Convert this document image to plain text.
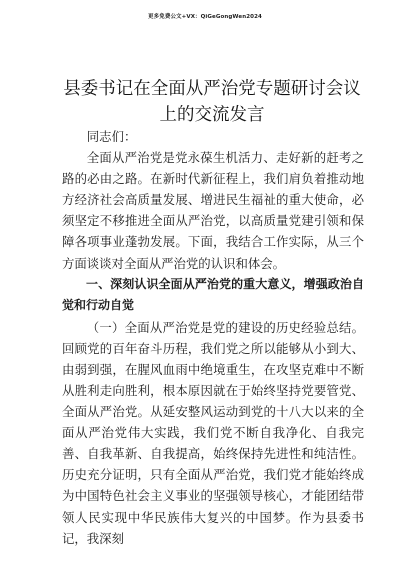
更多免费公文+VX：QiGeGongWen2024
县委书记在全面从严治党专题研讨会议上的交流发言

同志们：

全面从严治党是党永葆生机活力、走好新的赶考之路的必由之路。在新时代新征程上，我们肩负着推动地方经济社会高质量发展、增进民生福祉的重大使命，必须坚定不移推进全面从严治党，以高质量党建引领和保障各项事业蓬勃发展。下面，我结合工作实际，从三个方面谈谈对全面从严治党的认识和体会。

一、深刻认识全面从严治党的重大意义，增强政治自觉和行动自觉

（一）全面从严治党是党的建设的历史经验总结。回顾党的百年奋斗历程，我们党之所以能够从小到大、由弱到强，在腥风血雨中绝境重生，在攻坚克难中不断从胜利走向胜利，根本原因就在于始终坚持党要管党、全面从严治党。从延安整风运动到党的十八大以来的全面从严治党伟大实践，我们党不断自我净化、自我完善、自我革新、自我提高，始终保持先进性和纯洁性。历史充分证明，只有全面从严治党，我们党才能始终成为中国特色社会主义事业的坚强领导核心，才能团结带领人民实现中华民族伟大复兴的中国梦。作为县委书记，我深刻
